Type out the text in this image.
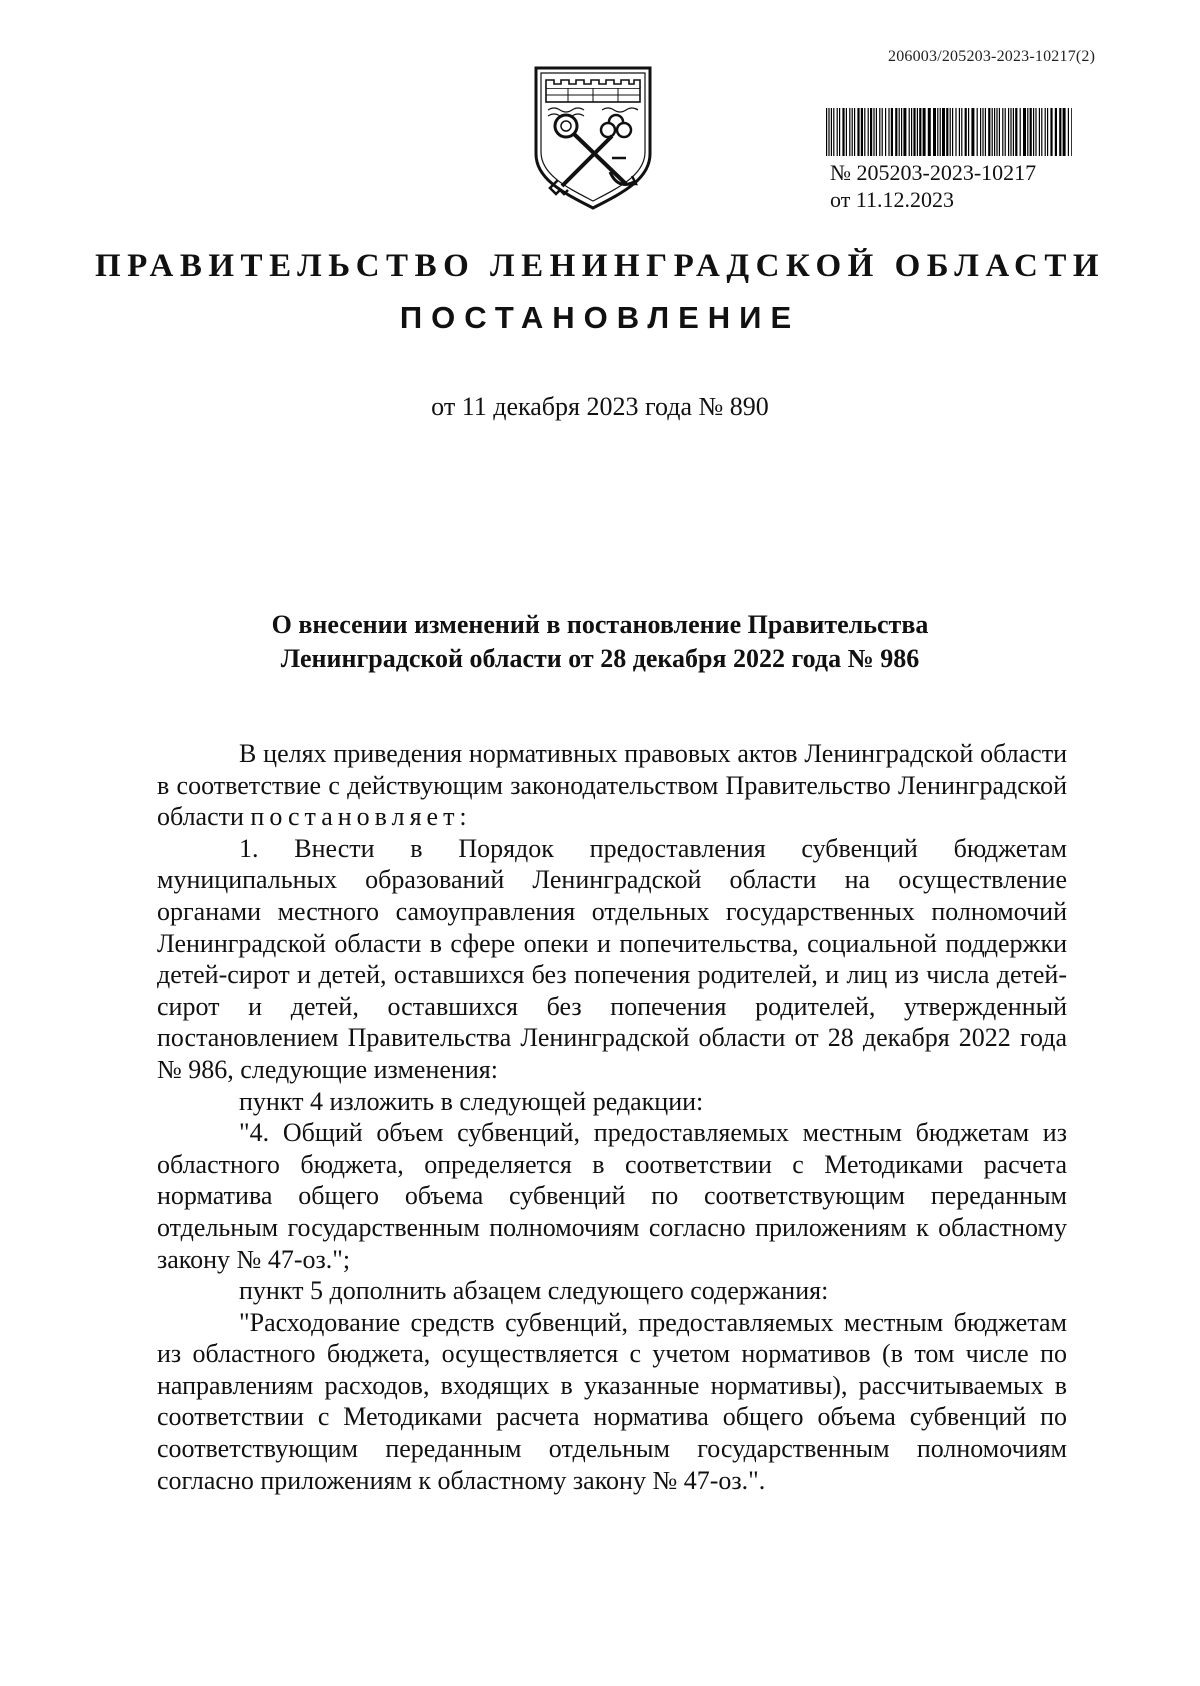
206003/205203-2023-10217(2)
№ 205203-2023-10217
от 11.12.2023
ПРАВИТЕЛЬСТВО ЛЕНИНГРАДСКОЙ ОБЛАСТИ
ПОСТАНОВЛЕНИЕ
от 11 декабря 2023 года № 890
О внесении изменений в постановление Правительства
Ленинградской области от 28 декабря 2022 года № 986

В целях приведения нормативных правовых актов Ленинградской области в соответствие с действующим законодательством Правительство Ленинградской области постановляет:

1. Внести в Порядок предоставления субвенций бюджетам муниципальных образований Ленинградской области на осуществление органами местного самоуправления отдельных государственных полномочий Ленинградской области в сфере опеки и попечительства, социальной поддержки детей-сирот и детей, оставшихся без попечения родителей, и лиц из числа детей-сирот и детей, оставшихся без попечения родителей, утвержденный постановлением Правительства Ленинградской области от 28 декабря 2022 года № 986, следующие изменения:

пункт 4 изложить в следующей редакции:

"4. Общий объем субвенций, предоставляемых местным бюджетам из областного бюджета, определяется в соответствии с Методиками расчета норматива общего объема субвенций по соответствующим переданным отдельным государственным полномочиям согласно приложениям к областному закону № 47-оз.";

пункт 5 дополнить абзацем следующего содержания:

"Расходование средств субвенций, предоставляемых местным бюджетам из областного бюджета, осуществляется с учетом нормативов (в том числе по направлениям расходов, входящих в указанные нормативы), рассчитываемых в соответствии с Методиками расчета норматива общего объема субвенций по соответствующим переданным отдельным государственным полномочиям согласно приложениям к областному закону № 47-оз.".
